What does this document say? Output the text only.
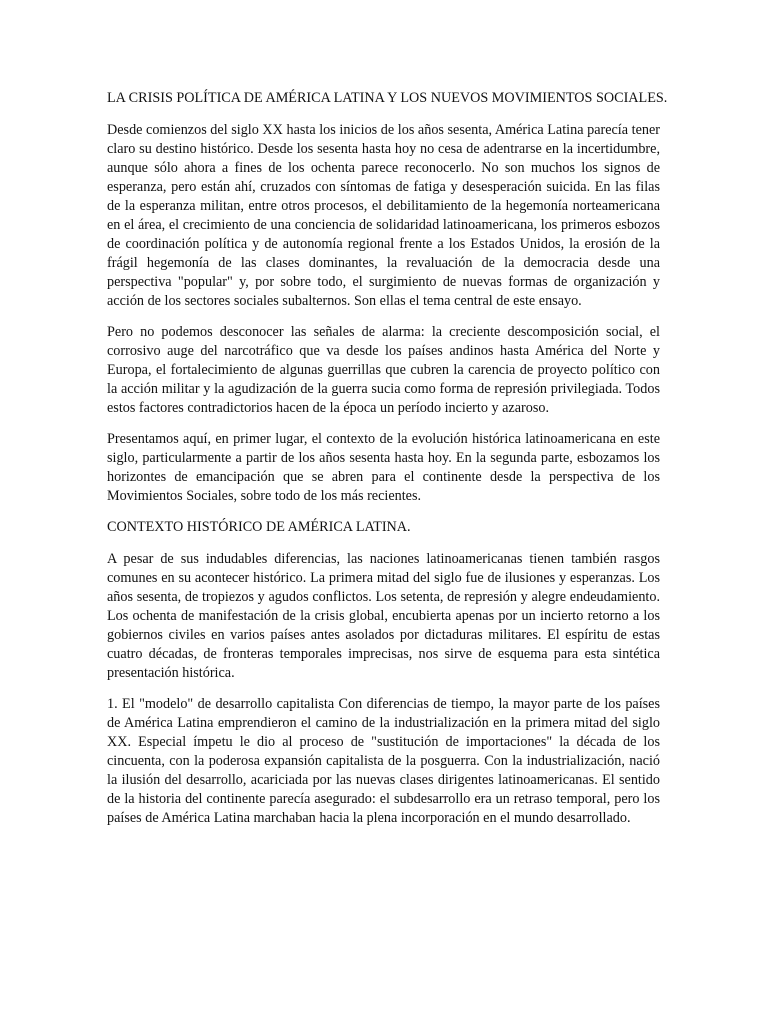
LA CRISIS POLÍTICA DE AMÉRICA LATINA Y LOS NUEVOS MOVIMIENTOS SOCIALES.

Desde comienzos del siglo XX hasta los inicios de los años sesenta, América Latina parecía tener claro su destino histórico. Desde los sesenta hasta hoy no cesa de adentrarse en la incertidumbre, aunque sólo ahora a fines de los ochenta parece reconocerlo. No son muchos los signos de esperanza, pero están ahí, cruzados con síntomas de fatiga y desesperación suicida. En las filas de la esperanza militan, entre otros procesos, el debilitamiento de la hegemonía norteamericana en el área, el crecimiento de una conciencia de solidaridad latinoamericana, los primeros esbozos de coordinación política y de autonomía regional frente a los Estados Unidos, la erosión de la frágil hegemonía de las clases dominantes, la revaluación de la democracia desde una perspectiva "popular" y, por sobre todo, el surgimiento de nuevas formas de organización y acción de los sectores sociales subalternos. Son ellas el tema central de este ensayo.

Pero no podemos desconocer las señales de alarma: la creciente descomposición social, el corrosivo auge del narcotráfico que va desde los países andinos hasta América del Norte y Europa, el fortalecimiento de algunas guerrillas que cubren la carencia de proyecto político con la acción militar y la agudización de la guerra sucia como forma de represión privilegiada. Todos estos factores contradictorios hacen de la época un período incierto y azaroso.

Presentamos aquí, en primer lugar, el contexto de la evolución histórica latinoamericana en este siglo, particularmente a partir de los años sesenta hasta hoy. En la segunda parte, esbozamos los horizontes de emancipación que se abren para el continente desde la perspectiva de los Movimientos Sociales, sobre todo de los más recientes.

CONTEXTO HISTÓRICO DE AMÉRICA LATINA.

A pesar de sus indudables diferencias, las naciones latinoamericanas tienen también rasgos comunes en su acontecer histórico. La primera mitad del siglo fue de ilusiones y esperanzas. Los años sesenta, de tropiezos y agudos conflictos. Los setenta, de represión y alegre endeudamiento. Los ochenta de manifestación de la crisis global, encubierta apenas por un incierto retorno a los gobiernos civiles en varios países antes asolados por dictaduras militares. El espíritu de estas cuatro décadas, de fronteras temporales imprecisas, nos sirve de esquema para esta sintética presentación histórica.

1. El "modelo" de desarrollo capitalista Con diferencias de tiempo, la mayor parte de los países de América Latina emprendieron el camino de la industrialización en la primera mitad del siglo XX. Especial ímpetu le dio al proceso de "sustitución de importaciones" la década de los cincuenta, con la poderosa expansión capitalista de la posguerra. Con la industrialización, nació la ilusión del desarrollo, acariciada por las nuevas clases dirigentes latinoamericanas. El sentido de la historia del continente parecía asegurado: el subdesarrollo era un retraso temporal, pero los países de América Latina marchaban hacia la plena incorporación en el mundo desarrollado.
